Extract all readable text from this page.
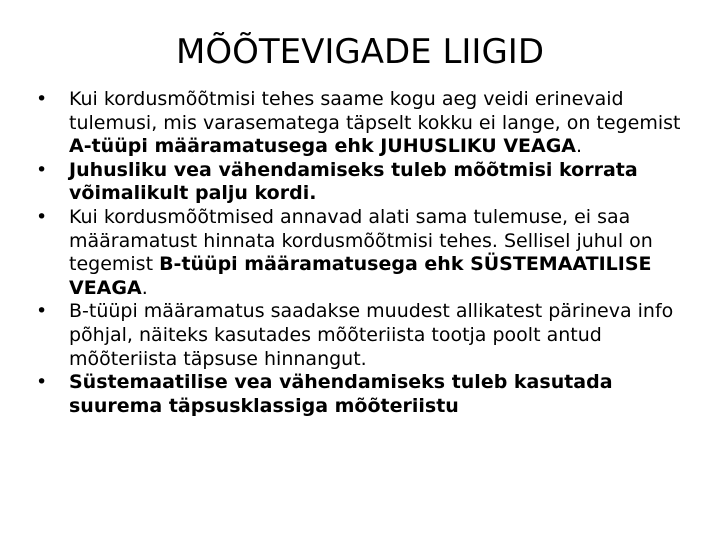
MÕÕTEVIGADE LIIGID
•	Kui kordusmõõtmisi tehes saame kogu aeg veidi erinevaid tulemusi, mis varasematega täpselt kokku ei lange, on tegemist A-tüüpi määramatusega ehk JUHUSLIKU VEAGA.
•	Juhusliku vea vähendamiseks tuleb mõõtmisi korrata võimalikult palju kordi.
•	Kui kordusmõõtmised annavad alati sama tulemuse, ei saa määramatust hinnata kordusmõõtmisi tehes. Sellisel juhul on tegemist B-tüüpi määramatusega ehk SÜSTEMAATILISE VEAGA.
•	B-tüüpi määramatus saadakse muudest allikatest pärineva info põhjal, näiteks kasutades mõõteriista tootja poolt antud mõõteriista täpsuse hinnangut.
•	Süstemaatilise vea vähendamiseks tuleb kasutada suurema täpsusklassiga mõõteriistu
